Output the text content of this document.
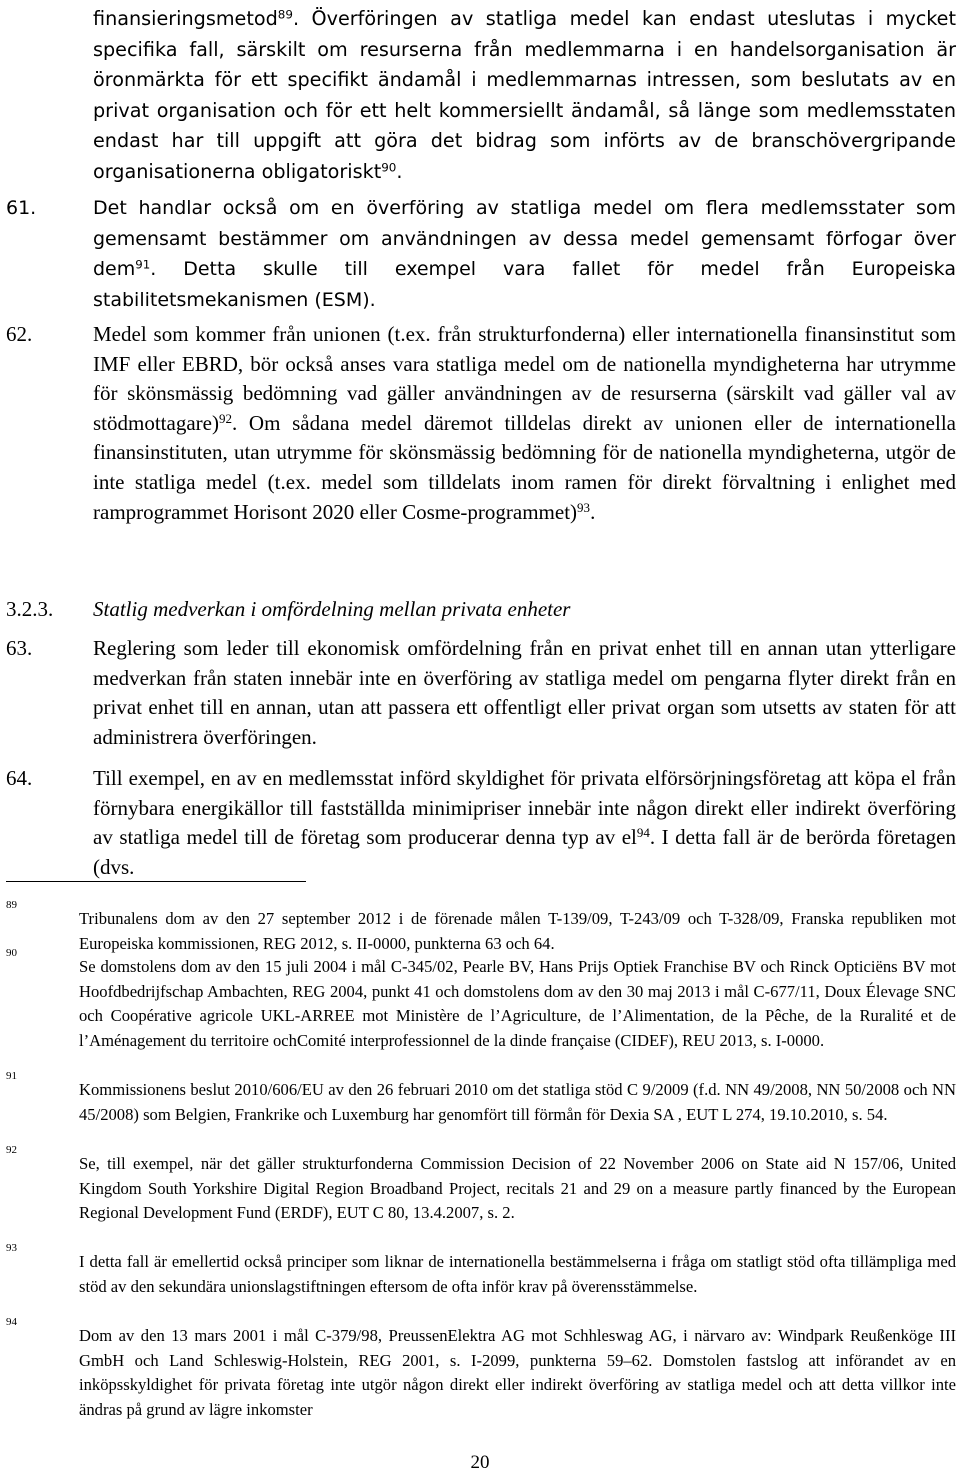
finansieringsmetod$^{89}$. Överföringen av statliga medel kan endast uteslutas i mycket specifika fall, särskilt om resurserna från medlemmarna i en handelsorganisation är öronmärkta för ett specifikt ändamål i medlemmarnas intressen, som beslutats av en privat organisation och för ett helt kommersiellt ändamål, så länge som medlemsstaten endast har till uppgift att göra det bidrag som införts av de branschövergripande organisationerna obligatoriskt$^{90}$.
61.	Det handlar också om en överföring av statliga medel om flera medlemsstater som gemensamt bestämmer om användningen av dessa medel gemensamt förfogar över dem$^{91}$. Detta skulle till exempel vara fallet för medel från Europeiska stabilitetsmekanismen (ESM).
62.	Medel som kommer från unionen (t.ex. från strukturfonderna) eller internationella finansinstitut som IMF eller EBRD, bör också anses vara statliga medel om de nationella myndigheterna har utrymme för skönsmässig bedömning vad gäller användningen av de resurserna (särskilt vad gäller val av stödmottagare)$^{92}$. Om sådana medel däremot tilldelas direkt av unionen eller de internationella finansinstituten, utan utrymme för skönsmässig bedömning för de nationella myndigheterna, utgör de inte statliga medel (t.ex. medel som tilldelats inom ramen för direkt förvaltning i enlighet med ramprogrammet Horisont 2020 eller Cosme-programmet)$^{93}$.
3.2.3. Statlig medverkan i omfördelning mellan privata enheter
63.	Reglering som leder till ekonomisk omfördelning från en privat enhet till en annan utan ytterligare medverkan från staten innebär inte en överföring av statliga medel om pengarna flyter direkt från en privat enhet till en annan, utan att passera ett offentligt eller privat organ som utsetts av staten för att administrera överföringen.
64.	Till exempel, en av en medlemsstat införd skyldighet för privata elförsörjningsföretag att köpa el från förnybara energikällor till fastställda minimipriser innebär inte någon direkt eller indirekt överföring av statliga medel till de företag som producerar denna typ av $el^{94}$. I detta fall är de berörda företagen (dvs.
89
Tribunalens dom av den 27 september 2012 i de förenade målen T-139/09, T-243/09 och T-328/09, Franska republiken mot Europeiska kommissionen, REG 2012, s. II-0000, punkterna 63 och 64.
90
Se domstolens dom av den 15 juli 2004 i mål C-345/02, Pearle BV, Hans Prijs Optiek Franchise BV och Rinck Opticiëns BV mot Hoofdbedrijfschap Ambachten, REG 2004, punkt 41 och domstolens dom av den 30 maj 2013 i mål C-677/11, Doux Élevage SNC och Coopérative agricole UKL-ARREE mot Ministère de l’Agriculture, de l’Alimentation, de la Pêche, de la Ruralité et de l’Aménagement du territoire ochComité interprofessionnel de la dinde française (CIDEF), REU 2013, s. I-0000.
91
Kommissionens beslut 2010/606/EU av den 26 februari 2010 om det statliga stöd C 9/2009 (f.d. NN 49/2008, NN 50/2008 och NN 45/2008) som Belgien, Frankrike och Luxemburg har genomfört till förmån för Dexia SA , EUT L 274, 19.10.2010, s. 54.
92
Se, till exempel, när det gäller strukturfonderna Commission Decision of 22 November 2006 on State aid N 157/06, United Kingdom South Yorkshire Digital Region Broadband Project, recitals 21 and 29 on a measure partly financed by the European Regional Development Fund (ERDF), EUT C 80, 13.4.2007, s. 2.
93
I detta fall är emellertid också principer som liknar de internationella bestämmelserna i fråga om statligt stöd ofta tillämpliga med stöd av den sekundära unionslagstiftningen eftersom de ofta inför krav på överensstämmelse.
94
Dom av den 13 mars 2001 i mål C-379/98, PreussenElektra AG mot Schhleswag AG, i närvaro av: Windpark Reußenköge III GmbH och Land Schleswig-Holstein, REG 2001, s. I-2099, punkterna 59–62. Domstolen fastslog att införandet av en inköpsskyldighet för privata företag inte utgör någon direkt eller indirekt överföring av statliga medel och att detta villkor inte ändras på grund av lägre inkomster
20
